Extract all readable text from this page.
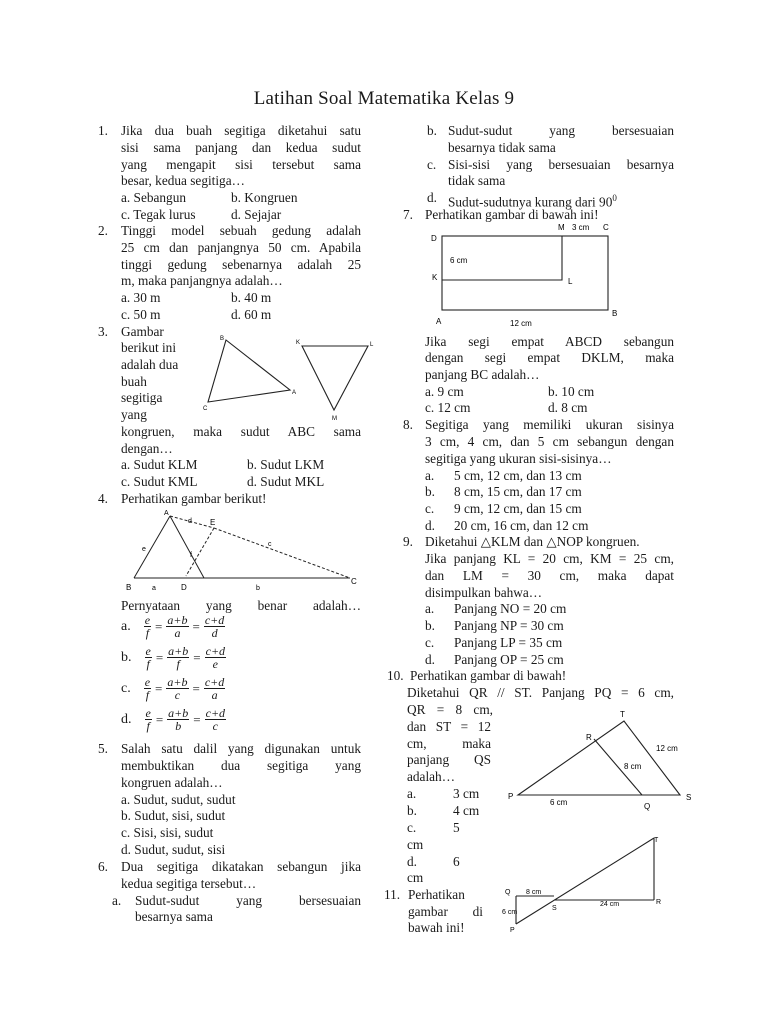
Latihan Soal Matematika Kelas 9
1. Jika dua buah segitiga diketahui satu
sisi sama panjang dan kedua sudut
yang mengapit sisi tersebut sama
besar, kedua segitiga…
a. Sebangun	b. Kongruen
c. Tegak lurus	d. Sejajar
2. Tinggi model sebuah gedung adalah
25 cm dan panjangnya 50 cm. Apabila
tinggi gedung sebenarnya adalah 25
m, maka panjangnya adalah…
a. 30 m	b. 40 m
c. 50 m	d. 60 m
3. Gambar
berikut ini
adalah dua
buah
segitiga
yang
B
C
A
K	L
M
kongruen, maka sudut ABC sama
dengan…
a. Sudut KLM	b. Sudut LKM
c. Sudut KML	d. Sudut MKL
4. Perhatikan gambar berikut!
A
E
B	D
C
d
e
f
c
a	b
Pernyataan yang benar adalah…
a. $\frac{e}{f} = \frac{a+b}{a} = \frac{c+d}{d}$
b. $\frac{e}{f} = \frac{a+b}{f} = \frac{c+d}{e}$
c. $\frac{e}{f} = \frac{a+b}{c} = \frac{c+d}{a}$
d. $\frac{e}{f} = \frac{a+b}{b} = \frac{c+d}{c}$
5. Salah satu dalil yang digunakan untuk
membuktikan dua segitiga yang
kongruen adalah…
a. Sudut, sudut, sudut
b. Sudut, sisi, sudut
c. Sisi, sisi, sudut
d. Sudut, sudut, sisi
6. Dua segitiga dikatakan sebangun jika
kedua segitiga tersebut…
a. Sudut-sudut yang bersesuaian
besarnya sama
b. Sudut-sudut yang bersesuaian
besarnya tidak sama
c. Sisi-sisi yang bersesuaian besarnya
tidak sama
d. Sudut-sudutnya kurang dari $90^0$
7. Perhatikan gambar di bawah ini!
D
M 3 cm C
K	L
6 cm
A	12 cm
B
Jika segi empat ABCD sebangun
dengan segi empat DKLM, maka
panjang BC adalah…
a. 9 cm	b. 10 cm
c. 12 cm	d. 8 cm
8. Segitiga yang memiliki ukuran sisinya
3 cm, 4 cm, dan 5 cm sebangun dengan
segitiga yang ukuran sisi-sisinya…
a. 5 cm, 12 cm, dan 13 cm
b. 8 cm, 15 cm, dan 17 cm
c. 9 cm, 12 cm, dan 15 cm
d. 20 cm, 16 cm, dan 12 cm
9. Diketahui △KLM dan △NOP kongruen.
Jika panjang KL = 20 cm, KM = 25 cm,
dan LM = 30 cm, maka dapat
disimpulkan bahwa…
a. Panjang NO = 20 cm
b. Panjang NP = 30 cm
c. Panjang LP = 35 cm
d. Panjang OP = 25 cm
10. Perhatikan gambar di bawah!
Diketahui QR // ST. Panjang PQ = 6 cm,
QR = 8 cm,
dan ST = 12
cm, maka
panjang QS
adalah…
a.	3 cm
b.	4 cm
c.	5
cm
d.	6
cm
T
R
P
Q
S
12 cm
8 cm
6 cm
11. Perhatikan
gambar di
bawah ini!
Q 8 cm
6 cm
P
S
24 cm	R
T
